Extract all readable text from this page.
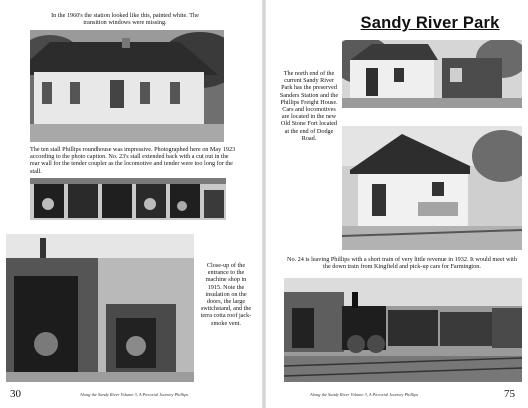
In the 1960's the station looked like this, painted white. The transition windows were missing.
The ten stall Phillips roundhouse was impressive. Photographed here on May 1923 according to the photo caption. No. 23's stall extended back with a cut out in the rear wall for the tender coupler as the locomotive and tender were too long for the stall.
Close-up of the entrance to the machine shop in 1915. Note the insulation on the doors, the large switchstand, and the terra cotta roof jack-smoke vent.
30	Along the Sandy River Volume 3, A Pictorial Journey Phillips
Sandy River Park
The north end of the current Sandy River Park has the preserved Sanders Station and the Phillips Freight House. Cars and locomotives are located in the new Old Stone Fort located at the end of Dodge Road.
No. 24 is leaving Phillips with a short train of very little revenue in 1932. It would meet with the down train from Kingfield and pick-up cars for Farmington.
75
Along the Sandy River Volume 3, A Pictorial Journey Phillips
